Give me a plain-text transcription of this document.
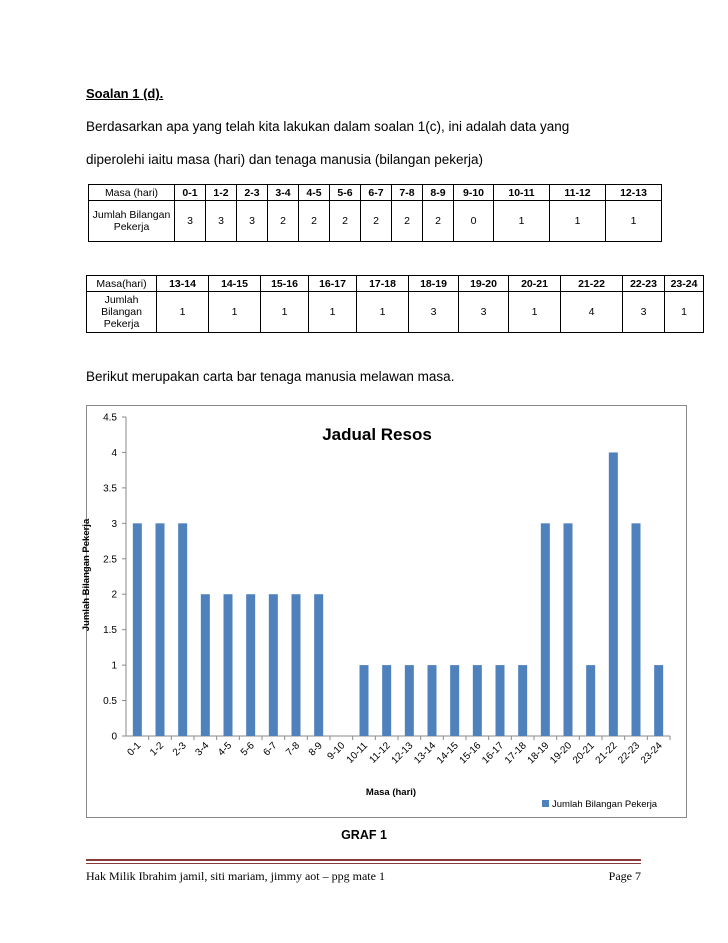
Soalan 1 (d).
Berdasarkan apa yang telah kita lakukan dalam soalan 1(c), ini adalah data yang
diperolehi iaitu masa (hari) dan tenaga manusia (bilangan pekerja)
Masa (hari)	0-1	1-2	2-3	3-4	4-5	5-6	6-7	7-8	8-9	9-10	10-11	11-12	12-13
Jumlah Bilangan Pekerja	3	3	3	2	2	2	2	2	2	0	1	1	1
Masa(hari)	13-14	14-15	15-16	16-17	17-18	18-19	19-20	20-21	21-22	22-23	23-24
Jumlah Bilangan Pekerja	1	1	1	1	1	3	3	1	4	3	1
Berikut merupakan carta bar tenaga manusia melawan masa.
0
0.5
1
1.5
2
2.5
3
3.5
4
4.5
0-1 1-2 2-3 3-4 4-5 5-6 6-7 7-8 8-9 9-10
10-11
11-12
12-13
13-14
14-15
15-16
16-17
17-18
18-19
19-20
20-21
21-22
22-23
23-24
Jadual Resos
Masa (hari)
Jumlah Bilangan Pekerja
Jumlah Bilangan Pekerja
GRAF 1
Hak Milik Ibrahim jamil, siti mariam, jimmy aot – ppg mate 1	Page 7
